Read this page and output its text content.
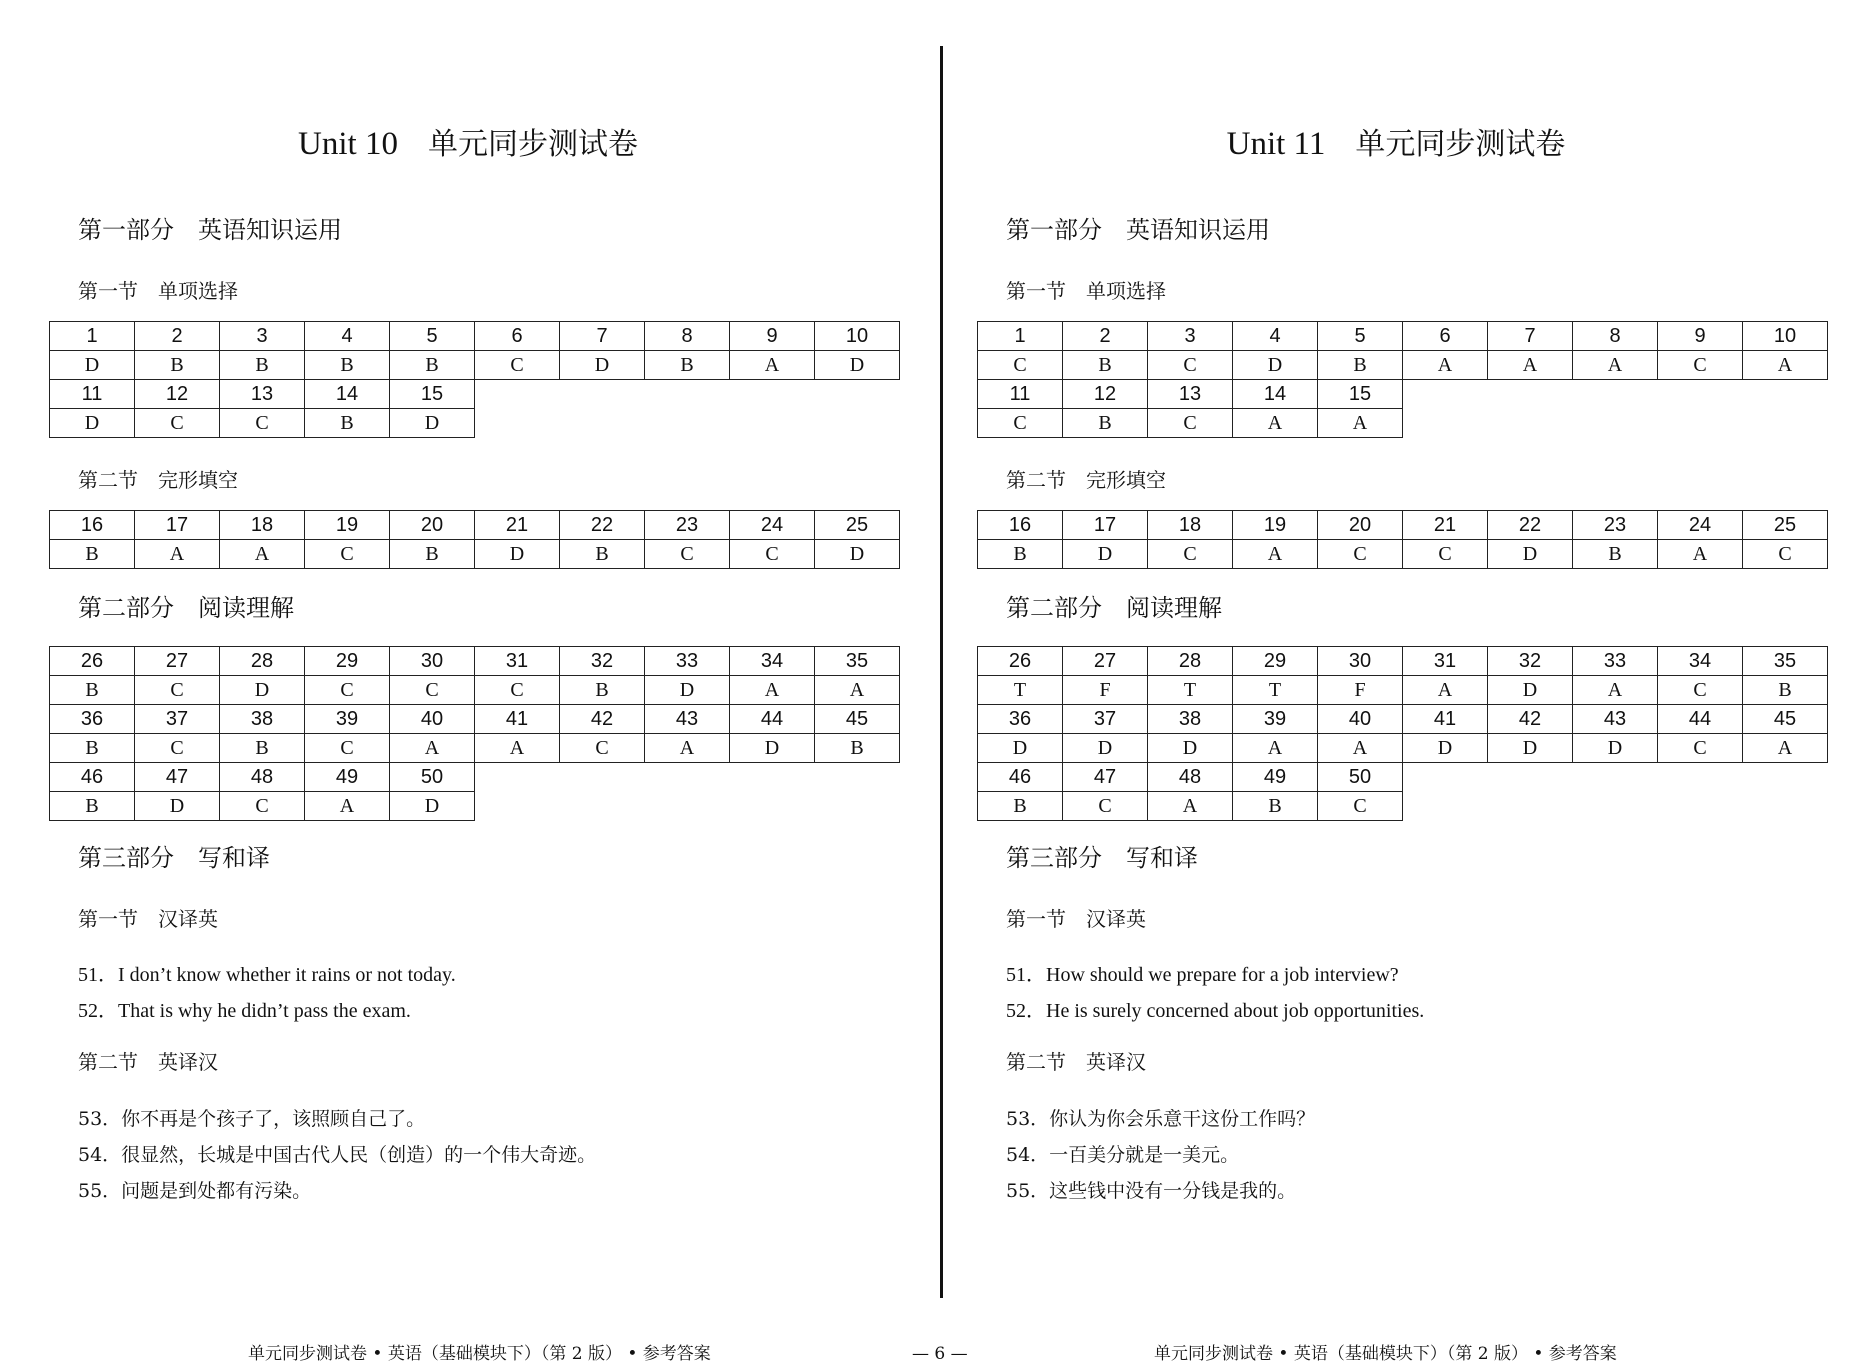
Unit 10 单元同步测试卷
第一部分　英语知识运用
第一节　单项选择
1	2	3	4	5	6	7	8	9	10
D	B	B	B	B	C	D	B	A	D
11	12	13	14	15					
D	C	C	B	D					
第二节　完形填空
16	17	18	19	20	21	22	23	24	25
B	A	A	C	B	D	B	C	C	D
第二部分　阅读理解
26	27	28	29	30	31	32	33	34	35
B	C	D	C	C	C	B	D	A	A
36	37	38	39	40	41	42	43	44	45
B	C	B	C	A	A	C	A	D	B
46	47	48	49	50					
B	D	C	A	D					
第三部分　写和译
第一节　汉译英
51．I don’t know whether it rains or not today.
52．That is why he didn’t pass the exam.
第二节　英译汉
53．你不再是个孩子了，该照顾自己了。
54．很显然，长城是中国古代人民（创造）的一个伟大奇迹。
55．问题是到处都有污染。
Unit 11 单元同步测试卷
第一部分　英语知识运用
第一节　单项选择
1	2	3	4	5	6	7	8	9	10
C	B	C	D	B	A	A	A	C	A
11	12	13	14	15					
C	B	C	A	A					
第二节　完形填空
16	17	18	19	20	21	22	23	24	25
B	D	C	A	C	C	D	B	A	C
第二部分　阅读理解
26	27	28	29	30	31	32	33	34	35
T	F	T	T	F	A	D	A	C	B
36	37	38	39	40	41	42	43	44	45
D	D	D	A	A	D	D	D	C	A
46	47	48	49	50					
B	C	A	B	C					
第三部分　写和译
第一节　汉译英
51．How should we prepare for a job interview?
52．He is surely concerned about job opportunities.
第二节　英译汉
53．你认为你会乐意干这份工作吗？
54．一百美分就是一美元。
55．这些钱中没有一分钱是我的。
单元同步测试卷 • 英语（基础模块下）（第 2 版） • 参考答案	— 6 —	单元同步测试卷 • 英语（基础模块下）（第 2 版） • 参考答案
